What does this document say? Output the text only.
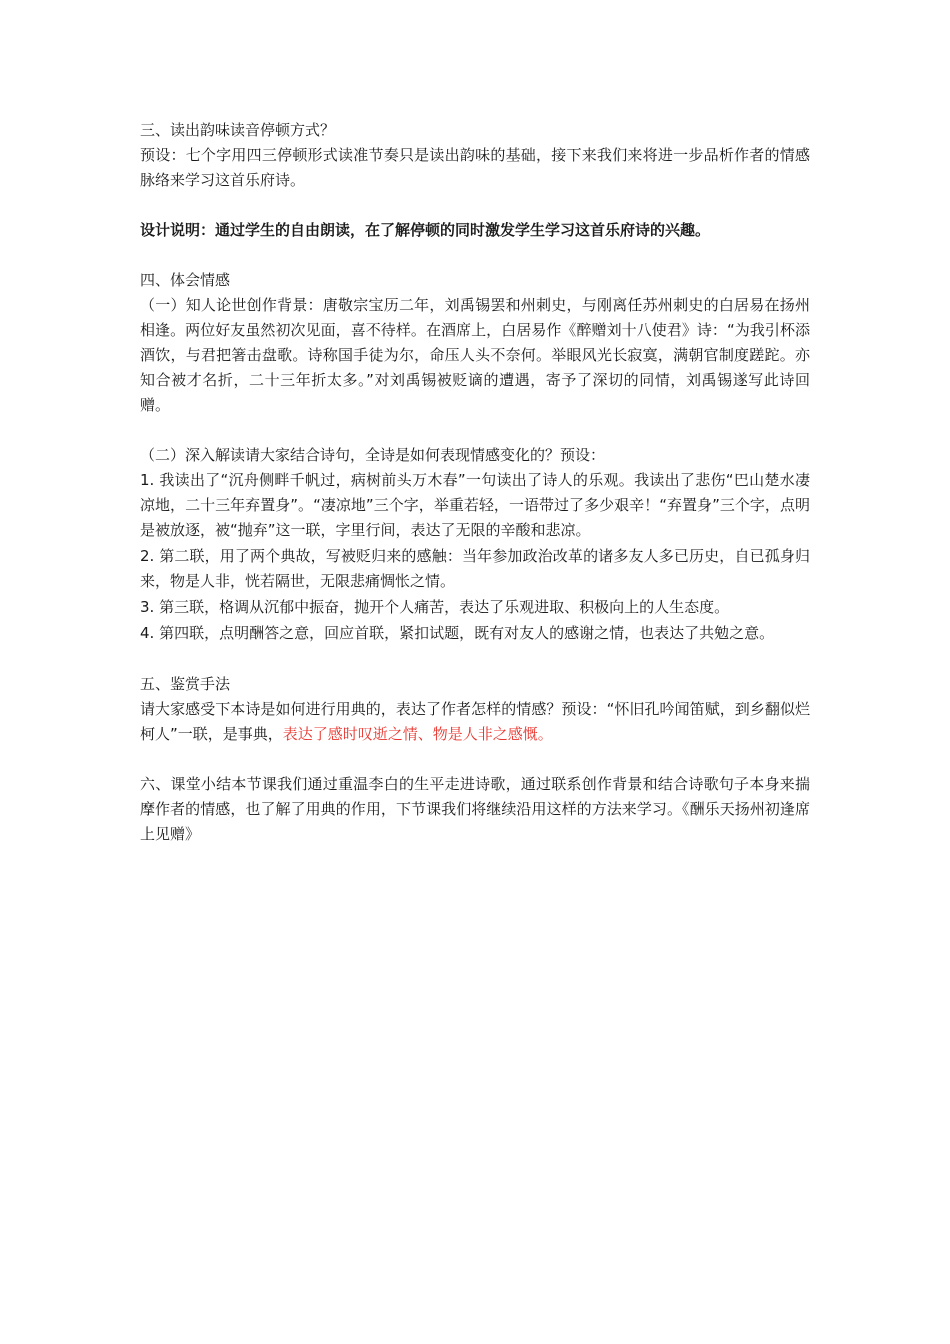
三、读出韵味读音停顿方式？

预设：七个字用四三停顿形式读准节奏只是读出韵味的基础，接下来我们来将进一步品析作者的情感脉络来学习这首乐府诗。

设计说明：通过学生的自由朗读，在了解停顿的同时激发学生学习这首乐府诗的兴趣。

四、体会情感

（一）知人论世创作背景：唐敬宗宝历二年，刘禹锡罢和州刺史，与刚离任苏州刺史的白居易在扬州相逢。两位好友虽然初次见面，喜不待样。在酒席上，白居易作《醉赠刘十八使君》诗：“为我引杯添酒饮，与君把箸击盘歌。诗称国手徒为尔，命压人头不奈何。举眼风光长寂寞，满朝官制度蹉跎。亦知合被才名折，二十三年折太多。”对刘禹锡被贬谪的遭遇，寄予了深切的同情，刘禹锡遂写此诗回赠。

（二）深入解读请大家结合诗句，全诗是如何表现情感变化的？预设：

1. 我读出了“沉舟侧畔千帆过，病树前头万木春”一句读出了诗人的乐观。我读出了悲伤“巴山楚水凄凉地，二十三年弃置身”。“凄凉地”三个字，举重若轻，一语带过了多少艰辛！“弃置身”三个字，点明是被放逐，被“抛弃”这一联，字里行间，表达了无限的辛酸和悲凉。

2. 第二联，用了两个典故，写被贬归来的感触：当年参加政治改革的诸多友人多已历史，自已孤身归来，物是人非，恍若隔世，无限悲痛惆怅之情。

3. 第三联，格调从沉郁中振奋，抛开个人痛苦，表达了乐观进取、积极向上的人生态度。

4. 第四联，点明酬答之意，回应首联，紧扣试题，既有对友人的感谢之情，也表达了共勉之意。

五、鉴赏手法

请大家感受下本诗是如何进行用典的，表达了作者怎样的情感？预设：“怀旧孔吟闻笛赋，到乡翻似烂柯人”一联，是事典，表达了感时叹逝之情、物是人非之感慨。

六、课堂小结本节课我们通过重温李白的生平走进诗歌，通过联系创作背景和结合诗歌句子本身来揣摩作者的情感，也了解了用典的作用，下节课我们将继续沿用这样的方法来学习。《酬乐天扬州初逢席上见赠》
